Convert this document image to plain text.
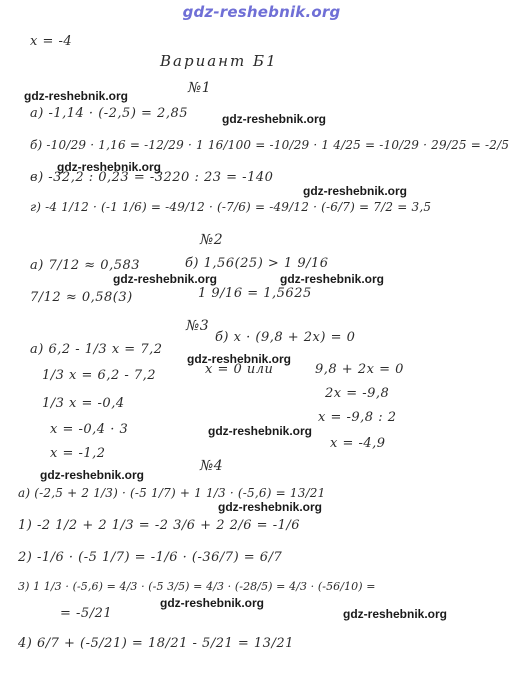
gdz-reshebnik.org
x = -4
Вариант Б1
№1
a) -1,14 · (-2,5) = 2,85
б) -10/29 · 1,16 = -12/29 · 1 16/100 = -10/29 · 1 4/25 = -10/29 · 29/25 = -2/5
в) -32,2 : 0,23 = -3220 : 23 = -140
г) -4 1/12 · (-1 1/6) = -49/12 · (-7/6) = -49/12 · (-6/7) = 7/2 = 3,5
№2
а) 7/12 ≈ 0,583
7/12 ≈ 0,58(3)
б) 1,56(25) > 1 9/16
1 9/16 = 1,5625
№3
а) 6,2 - 1/3 x = 7,2
1/3 x = 6,2 - 7,2
1/3 x = -0,4
x = -0,4 · 3
x = -1,2
б) x · (9,8 + 2x) = 0
x = 0 или	9,8 + 2x = 0
2x = -9,8
x = -9,8 : 2
x = -4,9
№4
а) (-2,5 + 2 1/3) · (-5 1/7) + 1 1/3 · (-5,6) = 13/21
1) -2 1/2 + 2 1/3 = -2 3/6 + 2 2/6 = -1/6
2) -1/6 · (-5 1/7) = -1/6 · (-36/7) = 6/7
3) 1 1/3 · (-5,6) = 4/3 · (-5 3/5) = 4/3 · (-28/5) = 4/3 · (-56/10) =
= -5/21
4) 6/7 + (-5/21) = 18/21 - 5/21 = 13/21
gdz-reshebnik.org
gdz-reshebnik.org
gdz-reshebnik.org
gdz-reshebnik.org
gdz-reshebnik.org	gdz-reshebnik.org
gdz-reshebnik.org
gdz-reshebnik.org
gdz-reshebnik.org
gdz-reshebnik.org
gdz-reshebnik.org
gdz-reshebnik.org
